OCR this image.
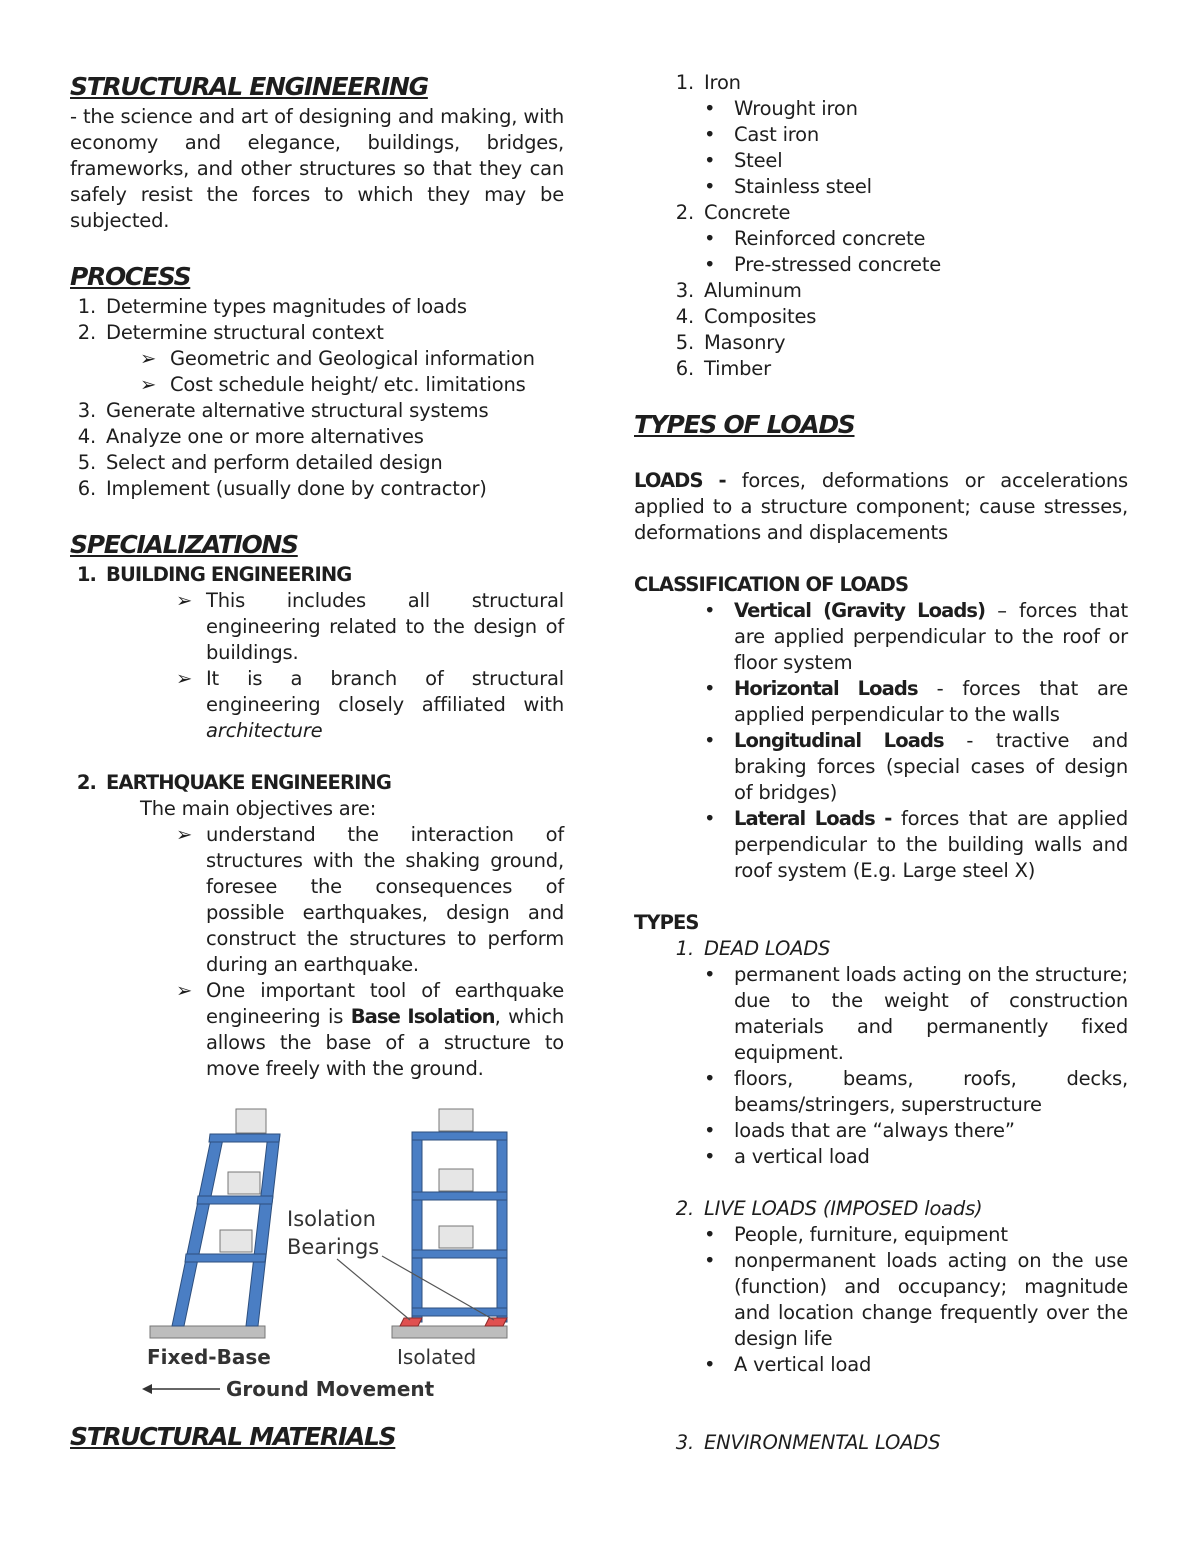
STRUCTURAL ENGINEERING

- the science and art of designing and making, with economy and elegance, buildings, bridges, frameworks, and other structures so that they can safely resist the forces to which they may be subjected.

PROCESS
1. Determine types magnitudes of loads
2. Determine structural context
➢ Geometric and Geological information
➢ Cost schedule height/ etc. limitations
3. Generate alternative structural systems
4. Analyze one or more alternatives
5. Select and perform detailed design
6. Implement (usually done by contractor)
SPECIALIZATIONS
1. BUILDING ENGINEERING
➢ This includes all structural engineering related to the design of buildings.
➢ It is a branch of structural engineering closely affiliated with architecture
2. EARTHQUAKE ENGINEERING
The main objectives are:
➢ understand the interaction of structures with the shaking ground, foresee the consequences of possible earthquakes, design and construct the structures to perform during an earthquake.
➢ One important tool of earthquake engineering is Base Isolation, which allows the base of a structure to move freely with the ground.
Isolation
Bearings
Fixed-Base	Isolated
Ground Movement
STRUCTURAL MATERIALS
1. Iron
• Wrought iron
• Cast iron
• Steel
• Stainless steel
2. Concrete
• Reinforced concrete
• Pre-stressed concrete
3. Aluminum
4. Composites
5. Masonry
6. Timber
TYPES OF LOADS

LOADS - forces, deformations or accelerations applied to a structure component; cause stresses, deformations and displacements

CLASSIFICATION OF LOADS
• Vertical (Gravity Loads) – forces that are applied perpendicular to the roof or floor system
• Horizontal Loads - forces that are applied perpendicular to the walls
• Longitudinal Loads - tractive and braking forces (special cases of design of bridges)
• Lateral Loads - forces that are applied perpendicular to the building walls and roof system (E.g. Large steel X)
TYPES
1. DEAD LOADS
• permanent loads acting on the structure; due to the weight of construction materials and permanently fixed equipment.
• floors, beams, roofs, decks, beams/stringers, superstructure
• loads that are “always there”
• a vertical load
2. LIVE LOADS (IMPOSED loads)
• People, furniture, equipment
• nonpermanent loads acting on the use (function) and occupancy; magnitude and location change frequently over the design life
• A vertical load
3. ENVIRONMENTAL LOADS
